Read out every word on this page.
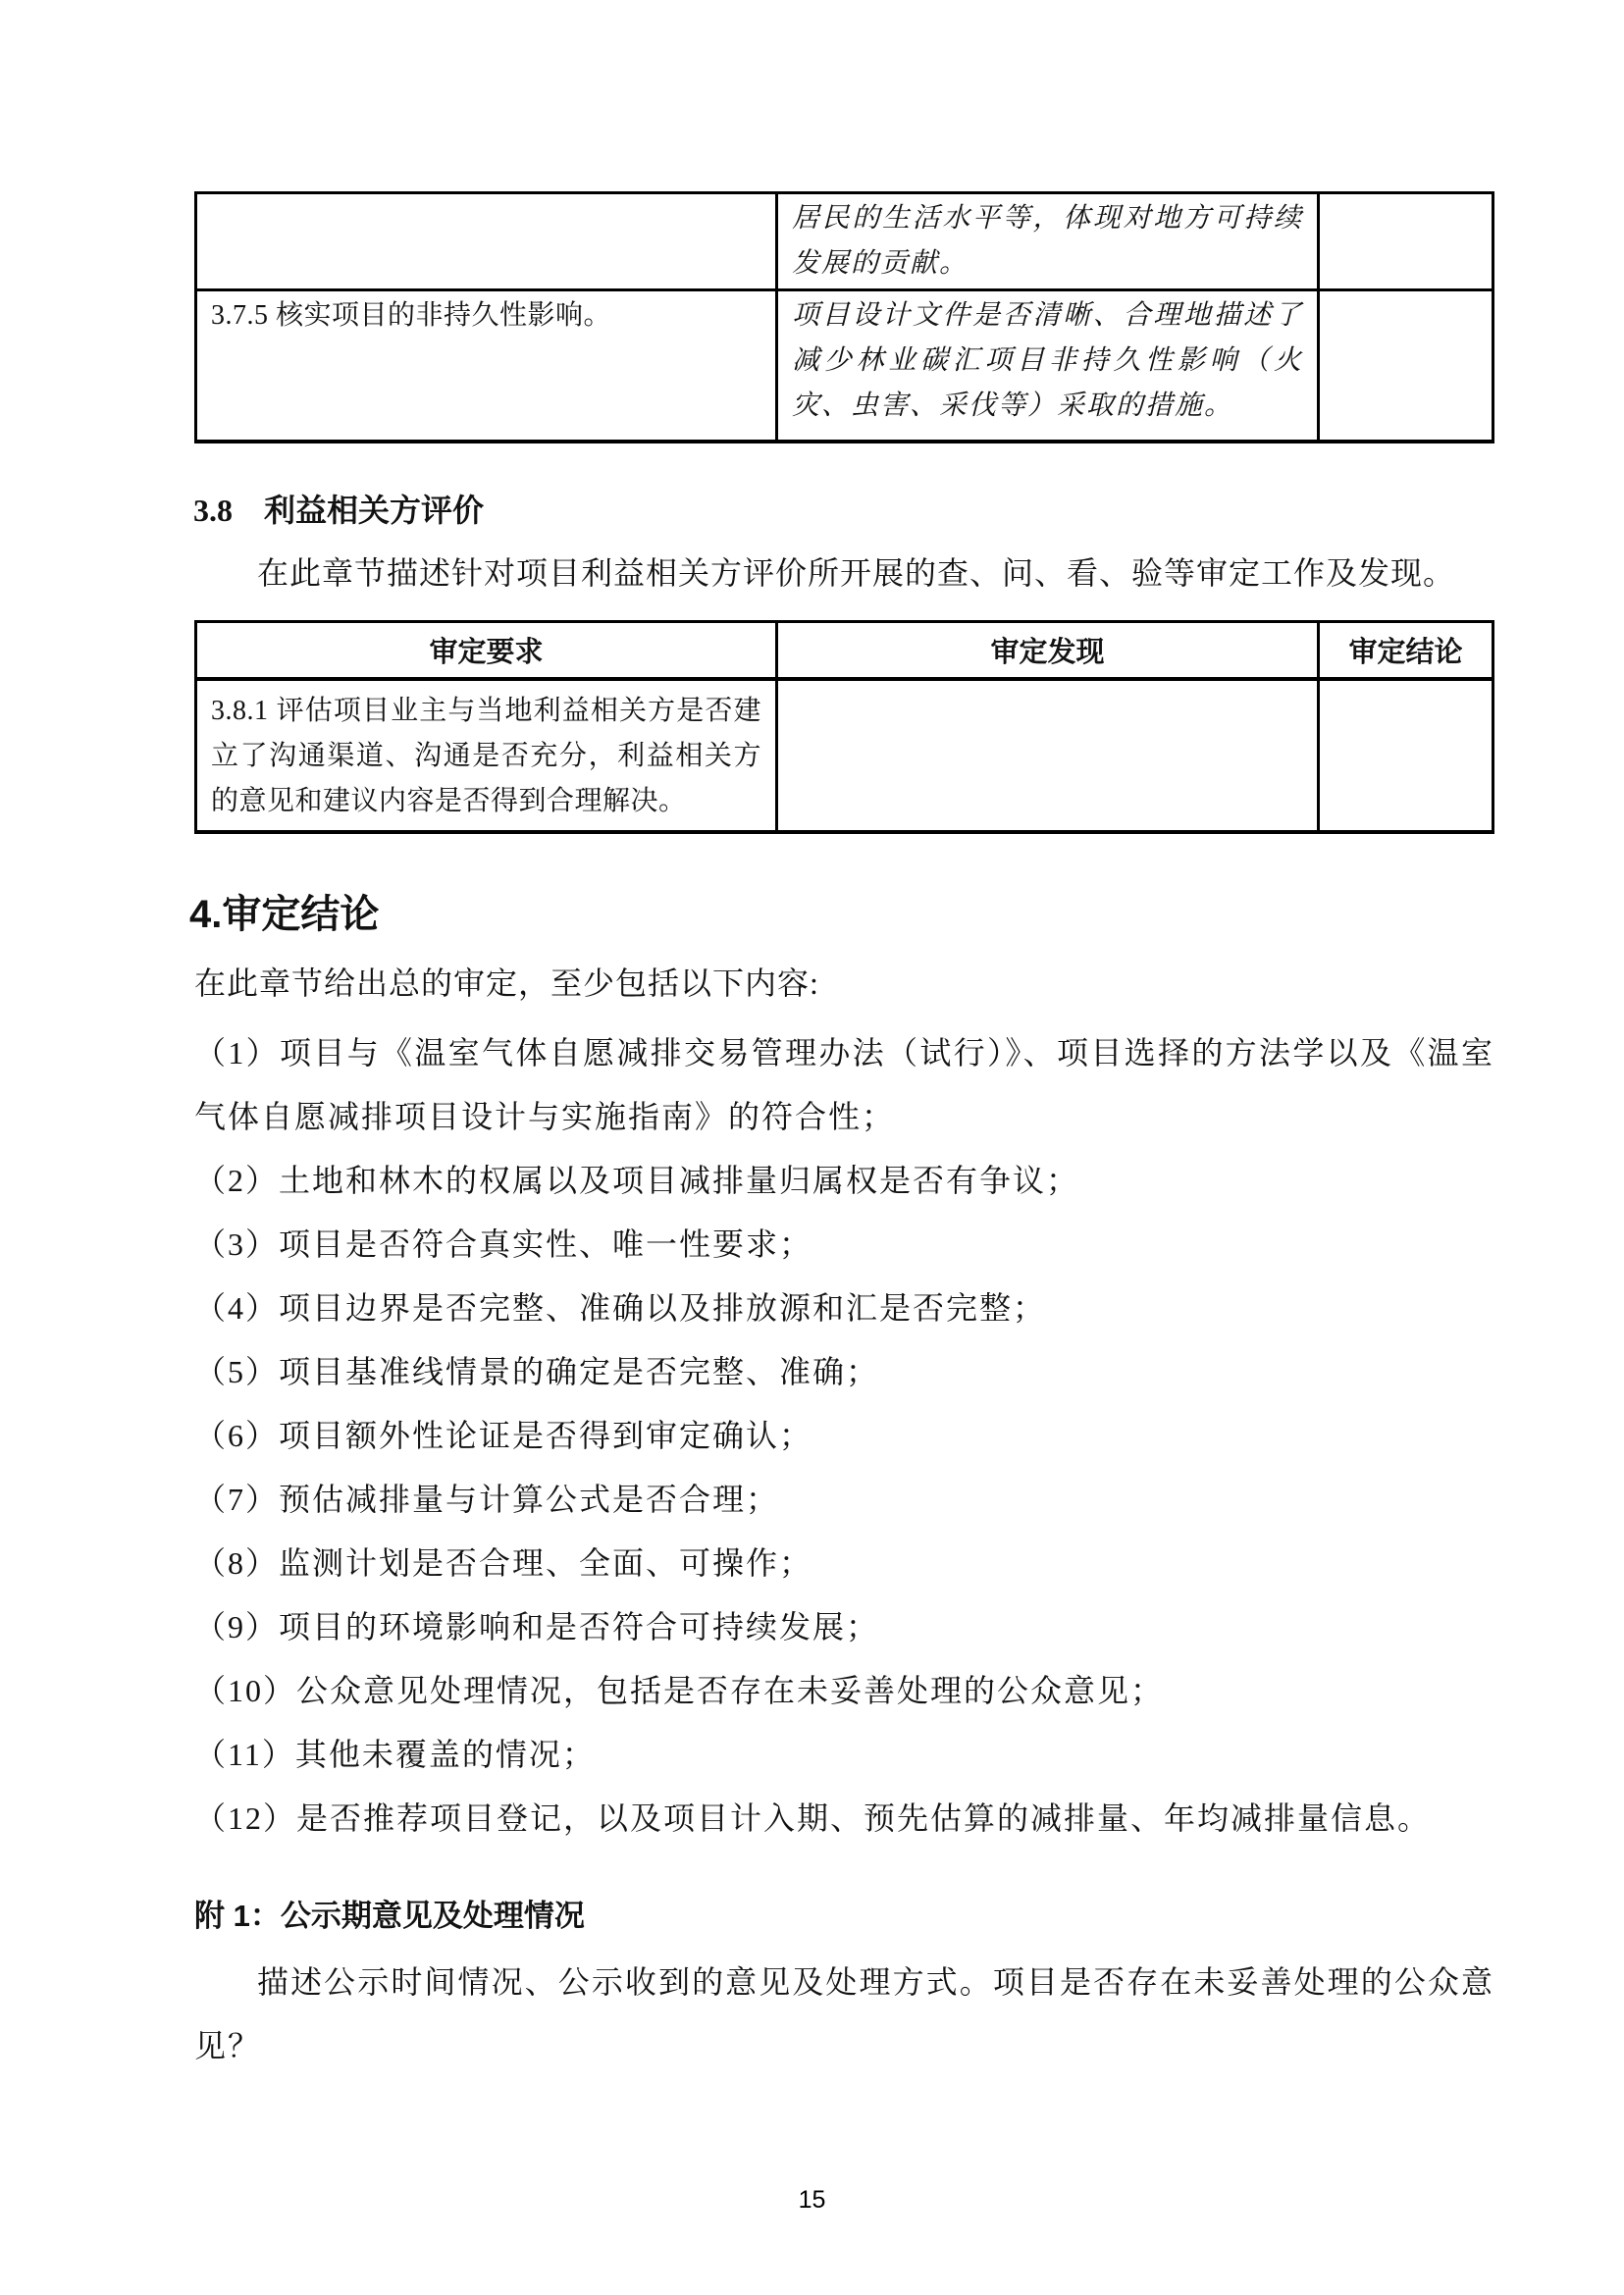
	居民的生活水平等，体现对地方可持续发展的贡献。	
3.7.5 核实项目的非持久性影响。	项目设计文件是否清晰、合理地描述了减少林业碳汇项目非持久性影响（火灾、虫害、采伐等）采取的措施。	
3.8 利益相关方评价

在此章节描述针对项目利益相关方评价所开展的查、问、看、验等审定工作及发现。

审定要求	审定发现	审定结论
3.8.1 评估项目业主与当地利益相关方是否建立了沟通渠道、沟通是否充分，利益相关方的意见和建议内容是否得到合理解决。		
4.审定结论

在此章节给出总的审定，至少包括以下内容:

（1）项目与《温室气体自愿减排交易管理办法（试行）》、项目选择的方法学以及《温室气体自愿减排项目设计与实施指南》的符合性；

（2）土地和林木的权属以及项目减排量归属权是否有争议；

（3）项目是否符合真实性、唯一性要求；

（4）项目边界是否完整、准确以及排放源和汇是否完整；

（5）项目基准线情景的确定是否完整、准确；

（6）项目额外性论证是否得到审定确认；

（7）预估减排量与计算公式是否合理；

（8）监测计划是否合理、全面、可操作；

（9）项目的环境影响和是否符合可持续发展；

（10）公众意见处理情况，包括是否存在未妥善处理的公众意见；

（11）其他未覆盖的情况；

（12）是否推荐项目登记，以及项目计入期、预先估算的减排量、年均减排量信息。

附 1：公示期意见及处理情况

描述公示时间情况、公示收到的意见及处理方式。项目是否存在未妥善处理的公众意见？

15
